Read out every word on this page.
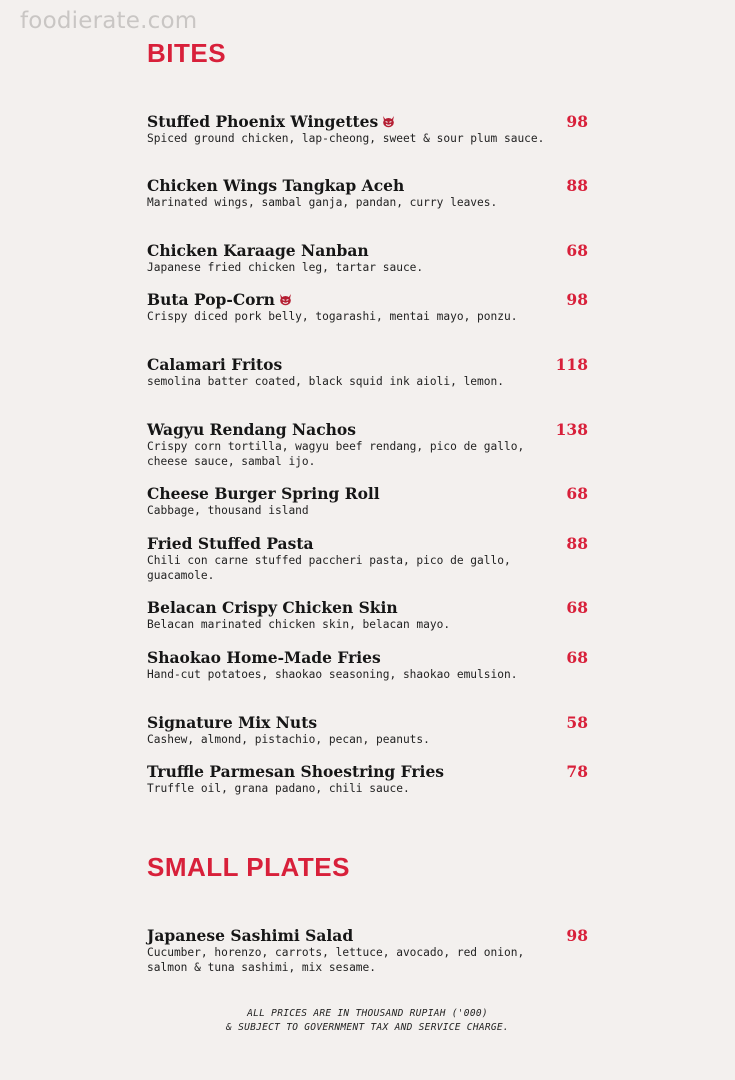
foodierate.com
BITES
Stuffed Phoenix Wingettes
Spiced ground chicken, lap-cheong, sweet & sour plum sauce.
98
Chicken Wings Tangkap Aceh
Marinated wings, sambal ganja, pandan, curry leaves.
88
Chicken Karaage Nanban
Japanese fried chicken leg, tartar sauce.
68
Buta Pop-Corn
Crispy diced pork belly, togarashi, mentai mayo, ponzu.
98
Calamari Fritos
semolina batter coated, black squid ink aioli, lemon.
118
Wagyu Rendang Nachos
Crispy corn tortilla, wagyu beef rendang, pico de gallo, cheese sauce, sambal ijo.
138
Cheese Burger Spring Roll
Cabbage, thousand island
68
Fried Stuffed Pasta
Chili con carne stuffed paccheri pasta, pico de gallo, guacamole.
88
Belacan Crispy Chicken Skin
Belacan marinated chicken skin, belacan mayo.
68
Shaokao Home-Made Fries
Hand-cut potatoes, shaokao seasoning, shaokao emulsion.
68
Signature Mix Nuts
Cashew, almond, pistachio, pecan, peanuts.
58
Truffle Parmesan Shoestring Fries
Truffle oil, grana padano, chili sauce.
78
SMALL PLATES
Japanese Sashimi Salad
Cucumber, horenzo, carrots, lettuce, avocado, red onion, salmon & tuna sashimi, mix sesame.
98
ALL PRICES ARE IN THOUSAND RUPIAH ('000)
& SUBJECT TO GOVERNMENT TAX AND SERVICE CHARGE.
